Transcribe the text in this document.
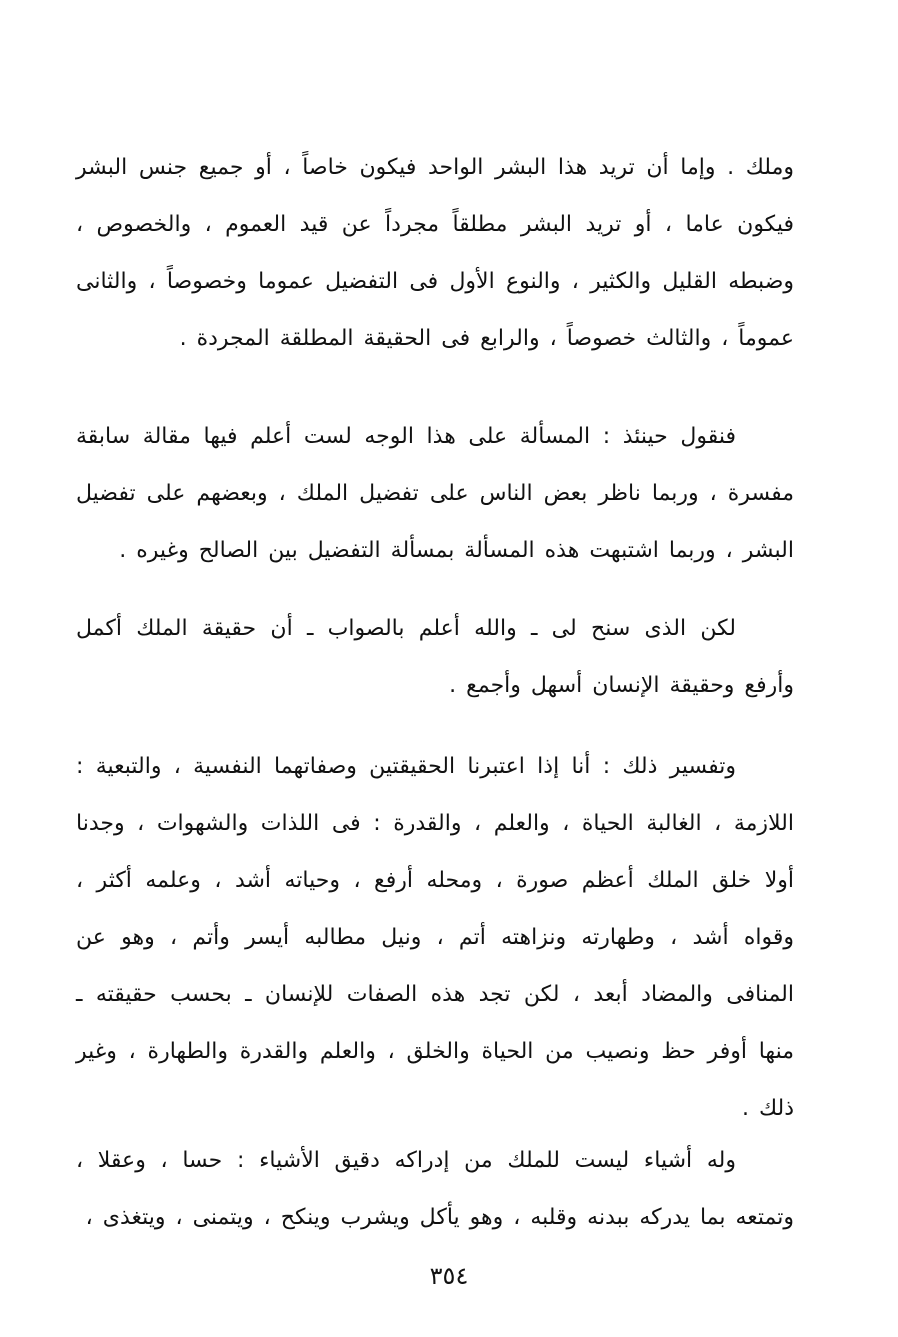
وملك . وإما أن تريد هذا البشر الواحد فيكون خاصاً ، أو جميع جنس البشر فيكون عاما ، أو تريد البشر مطلقاً مجرداً عن قيد العموم ، والخصوص ، وضبطه القليل والكثير ، والنوع الأول فى التفضيل عموما وخصوصاً ، والثانى عموماً ، والثالث خصوصاً ، والرابع فى الحقيقة المطلقة المجردة .

فنقول حينئذ : المسألة على هذا الوجه لست أعلم فيها مقالة سابقة مفسرة ، وربما ناظر بعض الناس على تفضيل الملك ، وبعضهم على تفضيل البشر ، وربما اشتبهت هذه المسألة بمسألة التفضيل بين الصالح وغيره .

لكن الذى سنح لى ـ والله أعلم بالصواب ـ أن حقيقة الملك أكمل وأرفع وحقيقة الإنسان أسهل وأجمع .

وتفسير ذلك : أنا إذا اعتبرنا الحقيقتين وصفاتهما النفسية ، والتبعية : اللازمة ، الغالبة الحياة ، والعلم ، والقدرة : فى اللذات والشهوات ، وجدنا أولا خلق الملك أعظم صورة ، ومحله أرفع ، وحياته أشد ، وعلمه أكثر ، وقواه أشد ، وطهارته ونزاهته أتم ، ونيل مطالبه أيسر وأتم ، وهو عن المنافى والمضاد أبعد ، لكن تجد هذه الصفات للإنسان ـ بحسب حقيقته ـ منها أوفر حظ ونصيب من الحياة والخلق ، والعلم والقدرة والطهارة ، وغير ذلك .

وله أشياء ليست للملك من إدراكه دقيق الأشياء : حسا ، وعقلا ، وتمتعه بما يدركه ببدنه وقلبه ، وهو يأكل ويشرب وينكح ، ويتمنى ، ويتغذى ،

٣٥٤
